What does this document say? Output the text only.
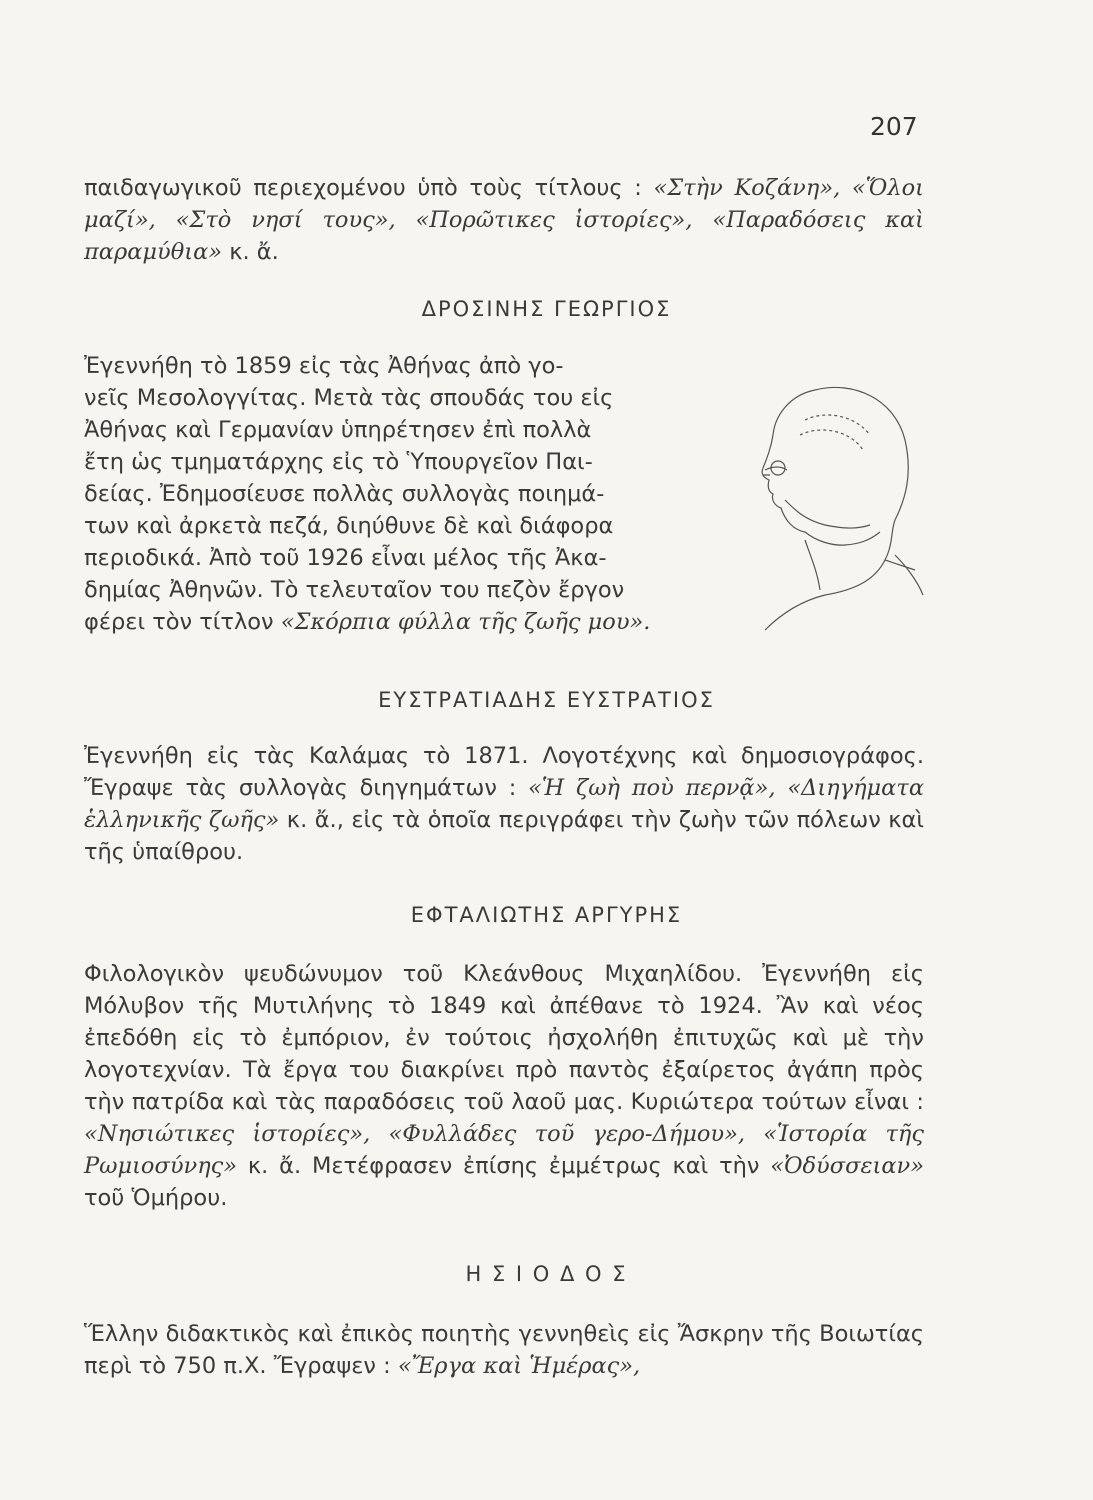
207
παιδαγωγικοῦ περιεχομένου ὑπὸ τοὺς τίτλους : «Στὴν Κοζάνη», «Ὅλοι μαζί», «Στὸ νησί τους», «Πορῶτικες ἱστορίες», «Παραδόσεις καὶ παραμύθια» κ. ἄ.
ΔΡΟΣΙΝΗΣ ΓΕΩΡΓΙΟΣ
Ἐγεννήθη τὸ 1859 εἰς τὰς Ἀθήνας ἀπὸ γο-
νεῖς Μεσολογγίτας. Μετὰ τὰς σπουδάς του εἰς
Ἀθήνας καὶ Γερμανίαν ὑπηρέτησεν ἐπὶ πολλὰ
ἔτη ὡς τμηματάρχης εἰς τὸ Ὑπουργεῖον Παι-
δείας. Ἐδημοσίευσε πολλὰς συλλογὰς ποιημά-
των καὶ ἀρκετὰ πεζά, διηύθυνε δὲ καὶ διάφορα
περιοδικά. Ἀπὸ τοῦ 1926 εἶναι μέλος τῆς Ἀκα-
δημίας Ἀθηνῶν. Τὸ τελευταῖον του πεζὸν ἔργον
φέρει τὸν τίτλον «Σκόρπια φύλλα τῆς ζωῆς μου».
ΕΥΣΤΡΑΤΙΑΔΗΣ ΕΥΣΤΡΑΤΙΟΣ
Ἐγεννήθη εἰς τὰς Καλάμας τὸ 1871. Λογοτέχνης καὶ δημοσιογράφος. Ἔγραψε τὰς συλλογὰς διηγημάτων : «Ἡ ζωὴ ποὺ περνᾷ», «Διηγήματα ἑλληνικῆς ζωῆς» κ. ἄ., εἰς τὰ ὁποῖα περιγράφει τὴν ζωὴν τῶν πόλεων καὶ τῆς ὑπαίθρου.
ΕΦΤΑΛΙΩΤΗΣ ΑΡΓΥΡΗΣ
Φιλολογικὸν ψευδώνυμον τοῦ Κλεάνθους Μιχαηλίδου. Ἐγεννήθη εἰς Μόλυβον τῆς Μυτιλήνης τὸ 1849 καὶ ἀπέθανε τὸ 1924. Ἂν καὶ νέος ἐπεδόθη εἰς τὸ ἐμπόριον, ἐν τούτοις ἠσχολήθη ἐπιτυχῶς καὶ μὲ τὴν λογοτεχνίαν. Τὰ ἔργα του διακρίνει πρὸ παντὸς ἐξαίρετος ἀγάπη πρὸς τὴν πατρίδα καὶ τὰς παραδόσεις τοῦ λαοῦ μας. Κυριώτερα τούτων εἶναι : «Νησιώτικες ἱστορίες», «Φυλλάδες τοῦ γερο-Δήμου», «Ἱστορία τῆς Ρωμιοσύνης» κ. ἄ. Μετέφρασεν ἐπίσης ἐμμέτρως καὶ τὴν «Ὀδύσσειαν» τοῦ Ὁμήρου.
Η Σ Ι Ο Δ Ο Σ
Ἕλλην διδακτικὸς καὶ ἐπικὸς ποιητὴς γεννηθεὶς εἰς Ἄσκρην τῆς Βοιωτίας περὶ τὸ 750 π.Χ. Ἔγραψεν : «Ἔργα καὶ Ἡμέρας»,
